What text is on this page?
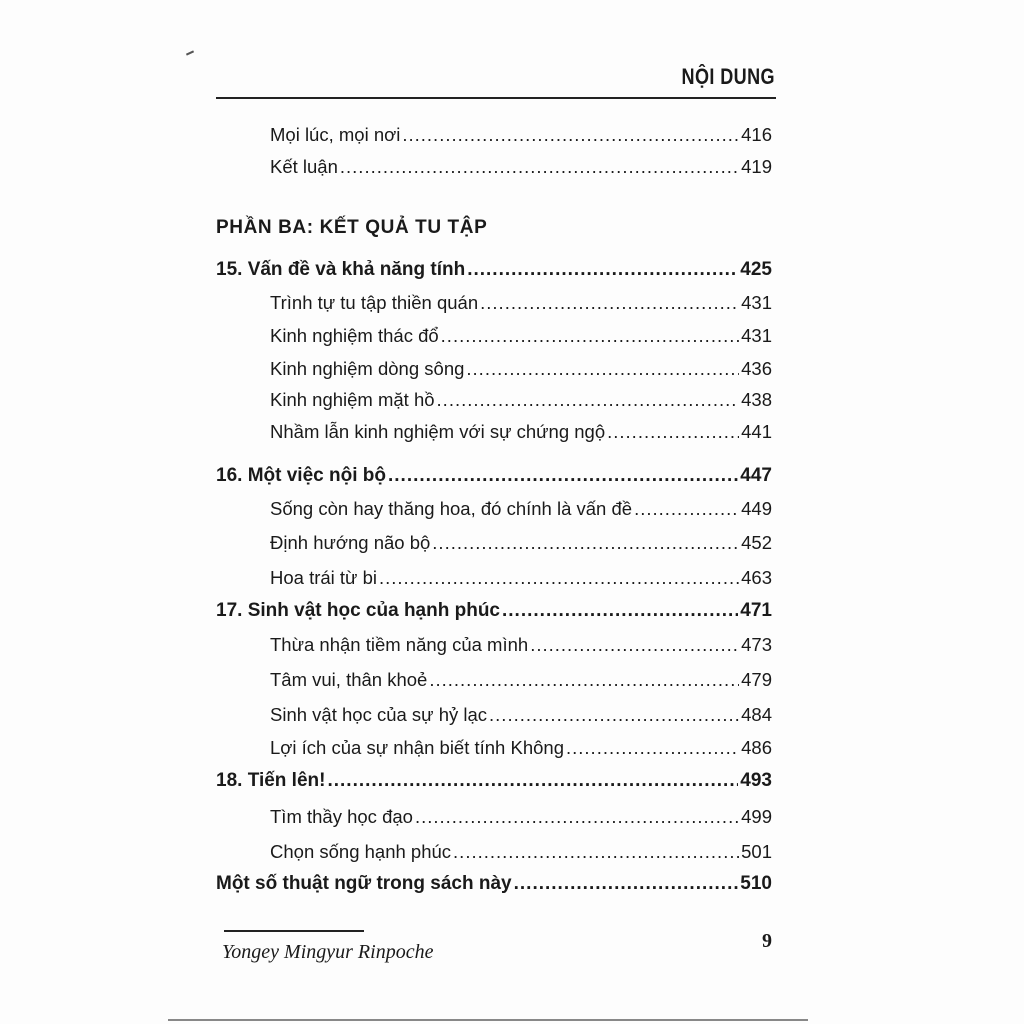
NỘI DUNG
Mọi lúc, mọi nơi .....	416
Kết luận .....	419
PHẦN BA: KẾT QUẢ TU TẬP
15. Vấn đề và khả năng tính .....	425
Trình tự tu tập thiền quán .....	431
Kinh nghiệm thác đổ .....	431
Kinh nghiệm dòng sông .....	436
Kinh nghiệm mặt hồ .....	438
Nhầm lẫn kinh nghiệm với sự chứng ngộ .....	441
16. Một việc nội bộ .....	447
Sống còn hay thăng hoa, đó chính là vấn đề .....	449
Định hướng não bộ .....	452
Hoa trái từ bi .....	463
17. Sinh vật học của hạnh phúc .....	471
Thừa nhận tiềm năng của mình .....	473
Tâm vui, thân khoẻ .....	479
Sinh vật học của sự hỷ lạc .....	484
Lợi ích của sự nhận biết tính Không .....	486
18. Tiến lên! .....	493
Tìm thầy học đạo .....	499
Chọn sống hạnh phúc .....	501
Một số thuật ngữ trong sách này .....	510
Yongey Mingyur Rinpoche	9
